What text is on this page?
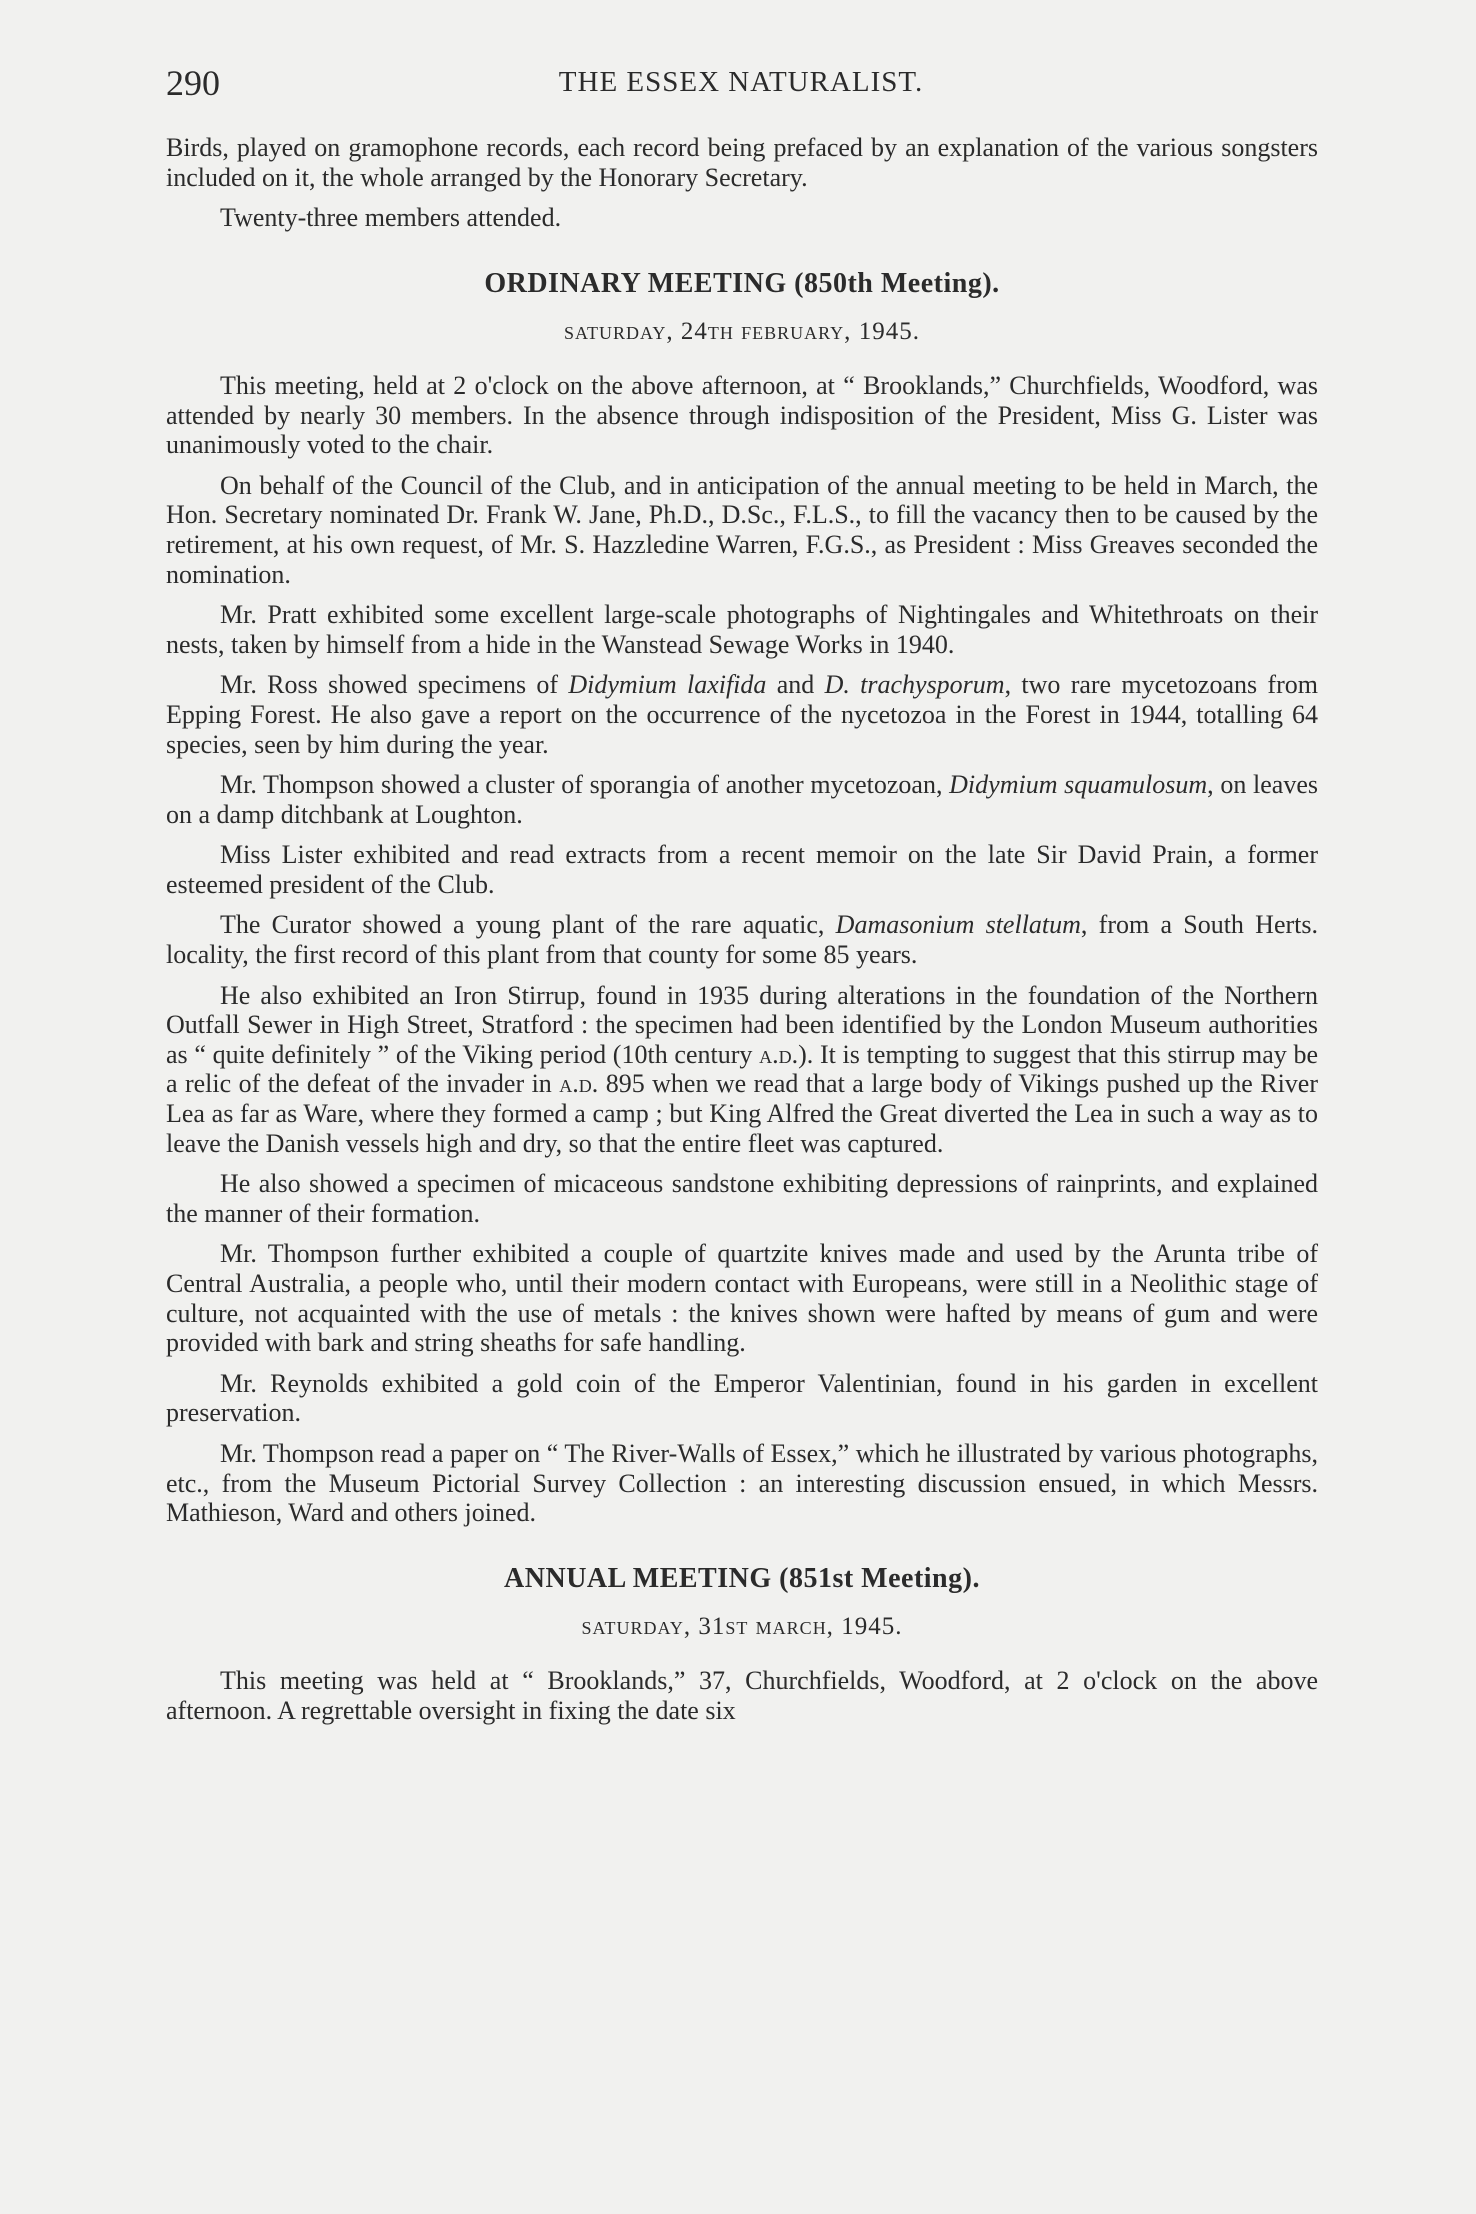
290	THE ESSEX NATURALIST.

Birds, played on gramophone records, each record being prefaced by an explanation of the various songsters included on it, the whole arranged by the Honorary Secretary.

Twenty-three members attended.

ORDINARY MEETING (850th Meeting).
saturday, 24th february, 1945.

This meeting, held at 2 o'clock on the above afternoon, at “ Brooklands,” Churchfields, Woodford, was attended by nearly 30 members. In the absence through indisposition of the President, Miss G. Lister was unanimously voted to the chair.

On behalf of the Council of the Club, and in anticipation of the annual meeting to be held in March, the Hon. Secretary nominated Dr. Frank W. Jane, Ph.D., D.Sc., F.L.S., to fill the vacancy then to be caused by the retirement, at his own request, of Mr. S. Hazzledine Warren, F.G.S., as President : Miss Greaves seconded the nomination.

Mr. Pratt exhibited some excellent large-scale photographs of Nightingales and Whitethroats on their nests, taken by himself from a hide in the Wanstead Sewage Works in 1940.

Mr. Ross showed specimens of Didymium laxifida and D. trachysporum, two rare mycetozoans from Epping Forest. He also gave a report on the occurrence of the nycetozoa in the Forest in 1944, totalling 64 species, seen by him during the year.

Mr. Thompson showed a cluster of sporangia of another mycetozoan, Didymium squamulosum, on leaves on a damp ditchbank at Loughton.

Miss Lister exhibited and read extracts from a recent memoir on the late Sir David Prain, a former esteemed president of the Club.

The Curator showed a young plant of the rare aquatic, Damasonium stellatum, from a South Herts. locality, the first record of this plant from that county for some 85 years.

He also exhibited an Iron Stirrup, found in 1935 during alterations in the foundation of the Northern Outfall Sewer in High Street, Stratford : the specimen had been identified by the London Museum authorities as “ quite definitely ” of the Viking period (10th century a.d.). It is tempting to suggest that this stirrup may be a relic of the defeat of the invader in a.d. 895 when we read that a large body of Vikings pushed up the River Lea as far as Ware, where they formed a camp ; but King Alfred the Great diverted the Lea in such a way as to leave the Danish vessels high and dry, so that the entire fleet was captured.

He also showed a specimen of micaceous sandstone exhibiting depressions of rainprints, and explained the manner of their formation.

Mr. Thompson further exhibited a couple of quartzite knives made and used by the Arunta tribe of Central Australia, a people who, until their modern contact with Europeans, were still in a Neolithic stage of culture, not acquainted with the use of metals : the knives shown were hafted by means of gum and were provided with bark and string sheaths for safe handling.

Mr. Reynolds exhibited a gold coin of the Emperor Valentinian, found in his garden in excellent preservation.

Mr. Thompson read a paper on “ The River-Walls of Essex,” which he illustrated by various photographs, etc., from the Museum Pictorial Survey Collection : an interesting discussion ensued, in which Messrs. Mathieson, Ward and others joined.

ANNUAL MEETING (851st Meeting).
saturday, 31st march, 1945.

This meeting was held at “ Brooklands,” 37, Churchfields, Woodford, at 2 o'clock on the above afternoon. A regrettable oversight in fixing the date six
